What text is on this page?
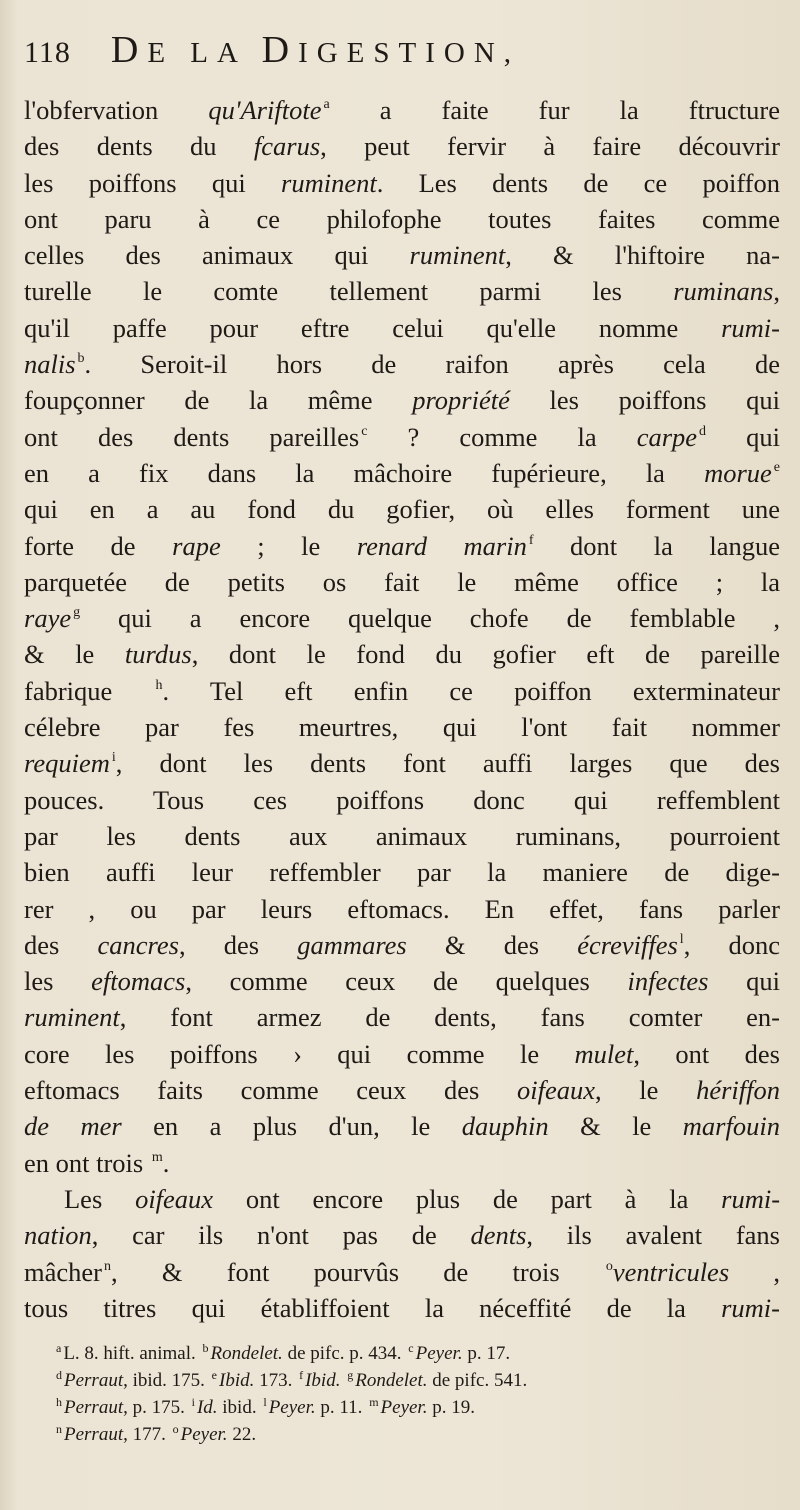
118 DE LA DIGESTION,
l'obfervation qu'Ariftote $^a$ a faite fur la ftructure
des dents du fcarus, peut fervir à faire découvrir
les poiffons qui ruminent. Les dents de ce poiffon
ont paru à ce philofophe toutes faites comme
celles des animaux qui ruminent, & l'hiftoire na-
turelle le comte tellement parmi les ruminans,
qu'il paffe pour eftre celui qu'elle nomme rumi-
nalis $^b$. Seroit-il hors de raifon après cela de
foupçonner de la même propriété les poiffons qui
ont des dents pareilles $^c$ ? comme la carpe $^d$ qui
en a fix dans la mâchoire fupérieure, la morue $^e$
qui en a au fond du gofier, où elles forment une
forte de rape ; le renard marin $^f$ dont la langue
parquetée de petits os fait le même office ; la
raye $^g$ qui a encore quelque chofe de femblable ,
& le turdus, dont le fond du gofier eft de pareille
fabrique $^h$. Tel eft enfin ce poiffon exterminateur
célebre par fes meurtres, qui l'ont fait nommer
requiem $^i$, dont les dents font auffi larges que des
pouces. Tous ces poiffons donc qui reffemblent
par les dents aux animaux ruminans, pourroient
bien auffi leur reffembler par la maniere de dige-
rer , ou par leurs eftomacs. En effet, fans parler
des cancres, des gammares & des écreviffes $^l$, donc
les eftomacs, comme ceux de quelques infectes qui
ruminent, font armez de dents, fans comter en-
core les poiffons › qui comme le mulet, ont des
eftomacs faits comme ceux des oifeaux, le hériffon
de mer en a plus d'un, le dauphin & le marfouin
en ont trois $^m$.
Les oifeaux ont encore plus de part à la rumi-
nation, car ils n'ont pas de dents, ils avalent fans
mâcher $^n$, & font pourvûs de trois $^o$ventricules ,
tous titres qui établiffoient la néceffité de la rumi-
$^a$ L. 8. hift. animal. $^b$ Rondelet. de pifc. p. 434. $^c$ Peyer. p. 17.
$^d$ Perraut, ibid. 175. $^e$ Ibid. 173. $^f$ Ibid. $^g$ Rondelet. de pifc. 541.
$^h$ Perraut, p. 175. $^i$ Id. ibid. $^l$ Peyer. p. 11. $^m$ Peyer. p. 19.
$^n$ Perraut, 177. $^o$ Peyer. 22.
